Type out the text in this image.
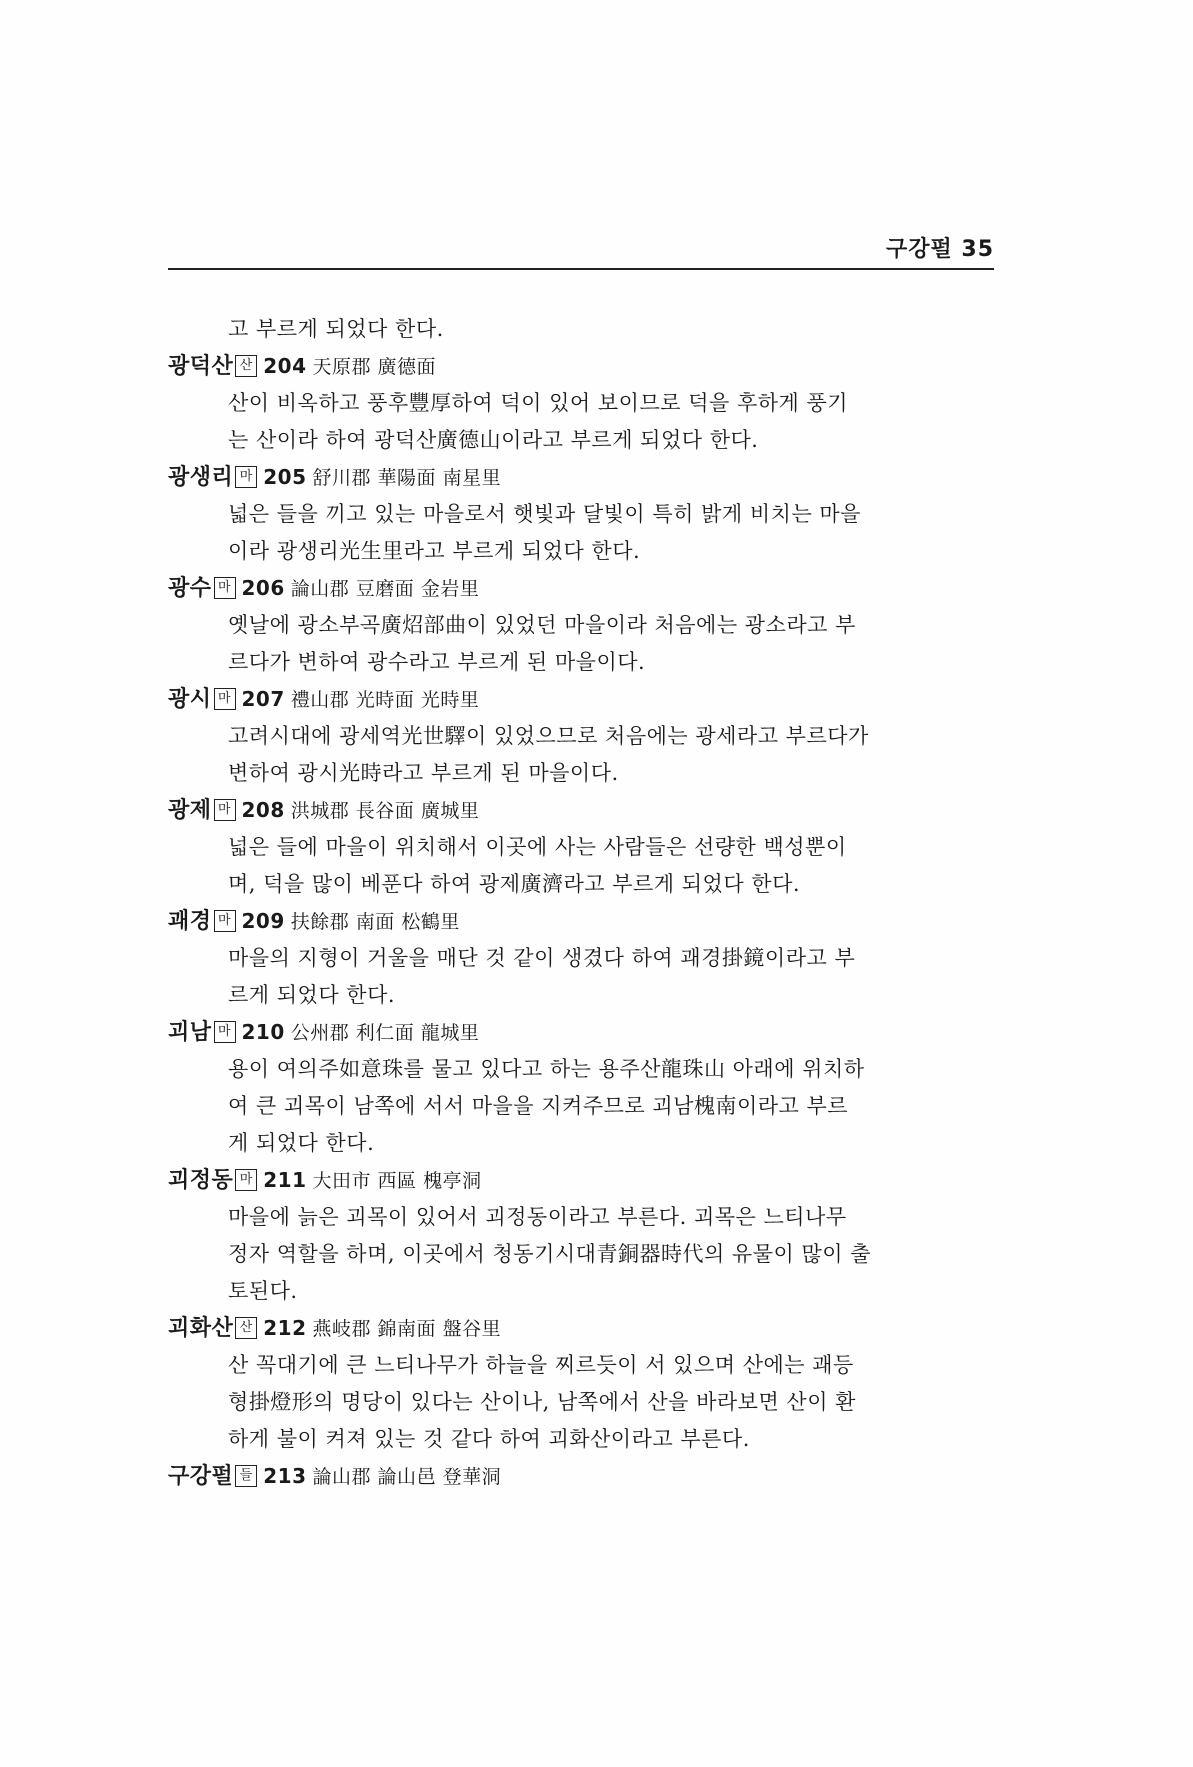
구강펄 35
고 부르게 되었다 한다.
광덕산 산 204 天原郡 廣德面
산이 비옥하고 풍후豐厚하여 덕이 있어 보이므로 덕을 후하게 풍기
는 산이라 하여 광덕산廣德山이라고 부르게 되었다 한다.
광생리 마 205 舒川郡 華陽面 南星里
넓은 들을 끼고 있는 마을로서 햇빛과 달빛이 특히 밝게 비치는 마을
이라 광생리光生里라고 부르게 되었다 한다.
광수 마 206 論山郡 豆磨面 金岩里
옛날에 광소부곡廣炤部曲이 있었던 마을이라 처음에는 광소라고 부
르다가 변하여 광수라고 부르게 된 마을이다.
광시 마 207 禮山郡 光時面 光時里
고려시대에 광세역光世驛이 있었으므로 처음에는 광세라고 부르다가
변하여 광시光時라고 부르게 된 마을이다.
광제 마 208 洪城郡 長谷面 廣城里
넓은 들에 마을이 위치해서 이곳에 사는 사람들은 선량한 백성뿐이
며, 덕을 많이 베푼다 하여 광제廣濟라고 부르게 되었다 한다.
괘경 마 209 扶餘郡 南面 松鶴里
마을의 지형이 거울을 매단 것 같이 생겼다 하여 괘경掛鏡이라고 부
르게 되었다 한다.
괴남 마 210 公州郡 利仁面 龍城里
용이 여의주如意珠를 물고 있다고 하는 용주산龍珠山 아래에 위치하
여 큰 괴목이 남쪽에 서서 마을을 지켜주므로 괴남槐南이라고 부르
게 되었다 한다.
괴정동 마 211 大田市 西區 槐亭洞
마을에 늙은 괴목이 있어서 괴정동이라고 부른다. 괴목은 느티나무
정자 역할을 하며, 이곳에서 청동기시대青銅器時代의 유물이 많이 출
토된다.
괴화산 산 212 燕岐郡 錦南面 盤谷里
산 꼭대기에 큰 느티나무가 하늘을 찌르듯이 서 있으며 산에는 괘등
형掛燈形의 명당이 있다는 산이나, 남쪽에서 산을 바라보면 산이 환
하게 불이 켜져 있는 것 같다 하여 괴화산이라고 부른다.
구강펄 들 213 論山郡 論山邑 登華洞
